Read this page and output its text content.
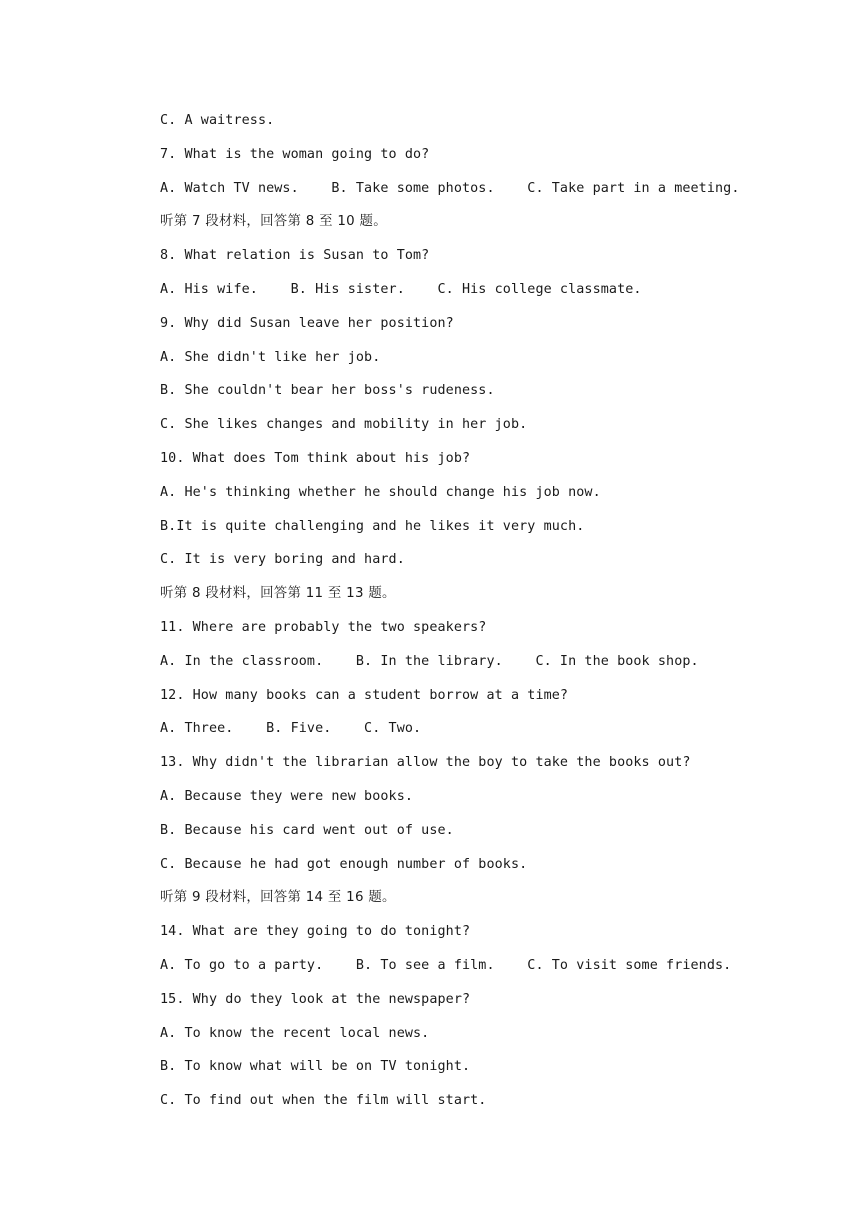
C. A waitress.
7. What is the woman going to do?
A. Watch TV news.    B. Take some photos.    C. Take part in a meeting.
听第 7 段材料，回答第 8 至 10 题。
8. What relation is Susan to Tom?
A. His wife.    B. His sister.    C. His college classmate.
9. Why did Susan leave her position?
A. She didn't like her job.
B. She couldn't bear her boss's rudeness.
C. She likes changes and mobility in her job.
10. What does Tom think about his job?
A. He's thinking whether he should change his job now.
B.It is quite challenging and he likes it very much.
C. It is very boring and hard.
听第 8 段材料，回答第 11 至 13 题。
11. Where are probably the two speakers?
A. In the classroom.    B. In the library.    C. In the book shop.
12. How many books can a student borrow at a time?
A. Three.    B. Five.    C. Two.
13. Why didn't the librarian allow the boy to take the books out?
A. Because they were new books.
B. Because his card went out of use.
C. Because he had got enough number of books.
听第 9 段材料，回答第 14 至 16 题。
14. What are they going to do tonight?
A. To go to a party.    B. To see a film.    C. To visit some friends.
15. Why do they look at the newspaper?
A. To know the recent local news.
B. To know what will be on TV tonight.
C. To find out when the film will start.
